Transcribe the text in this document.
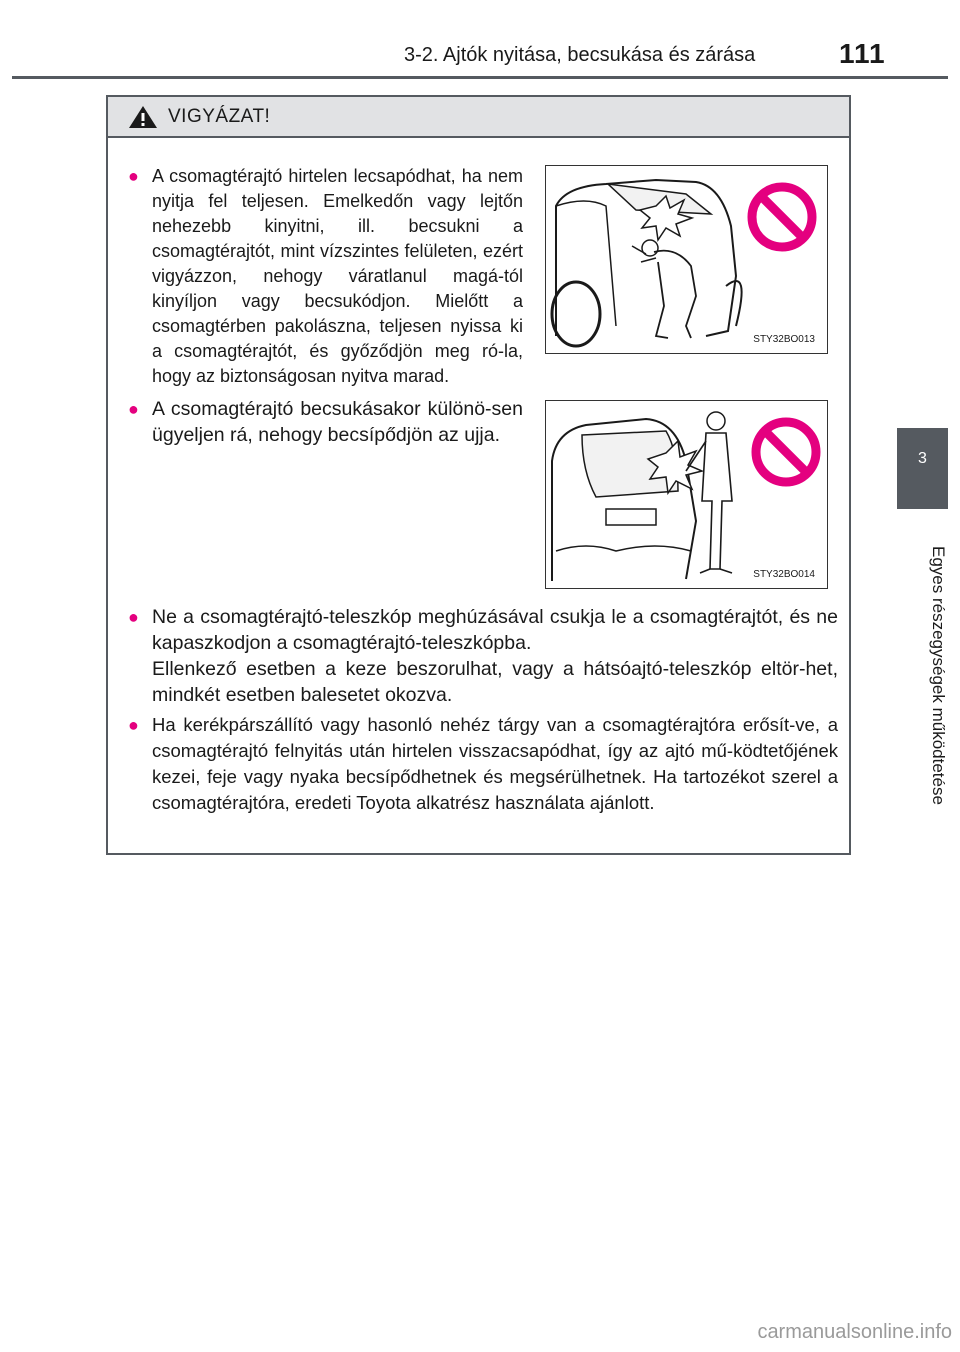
3-2. Ajtók nyitása, becsukása és zárása	111
3
Egyes részegységek működtetése
VIGYÁZAT!
● A csomagtérajtó hirtelen lecsapódhat, ha nem nyitja fel teljesen. Emelkedőn vagy lejtőn nehezebb kinyitni, ill. becsukni a csomagtérajtót, mint vízszintes felületen, ezért vigyázzon, nehogy váratlanul magá-tól kinyíljon vagy becsukódjon. Mielőtt a csomagtérben pakolászna, teljesen nyissa ki a csomagtérajtót, és győződjön meg ró-la, hogy az biztonságosan nyitva marad.
STY32BO013
● A csomagtérajtó becsukásakor különö-sen ügyeljen rá, nehogy becsípődjön az ujja.
STY32BO014
● Ne a csomagtérajtó-teleszkóp meghúzásával csukja le a csomagtérajtót, és ne kapaszkodjon a csomagtérajtó-teleszkópba.
Ellenkező esetben a keze beszorulhat, vagy a hátsóajtó-teleszkóp eltör-het, mindkét esetben balesetet okozva.
● Ha kerékpárszállító vagy hasonló nehéz tárgy van a csomagtérajtóra erősít-ve, a csomagtérajtó felnyitás után hirtelen visszacsapódhat, így az ajtó mű-ködtetőjének kezei, feje vagy nyaka becsípődhetnek és megsérülhetnek. Ha tartozékot szerel a csomagtérajtóra, eredeti Toyota alkatrész használata ajánlott.
carmanualsonline.info
